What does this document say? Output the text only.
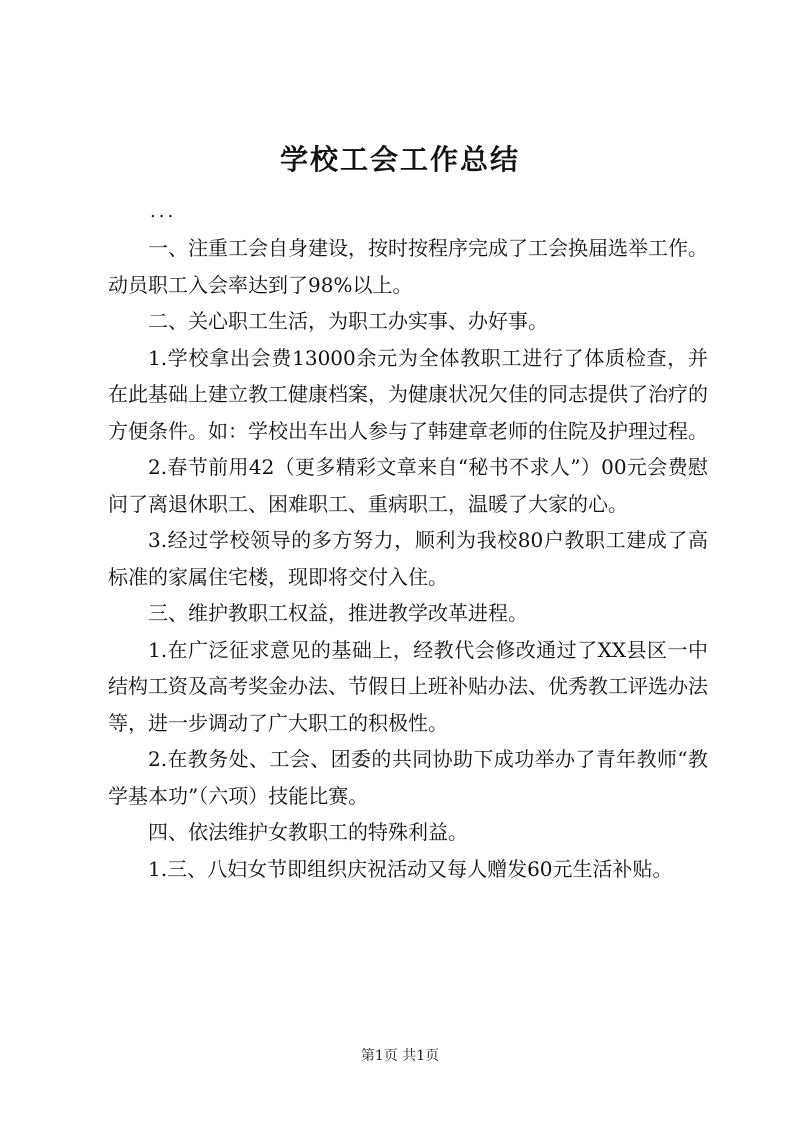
学校工会工作总结
...

一、注重工会自身建设，按时按程序完成了工会换届选举工作。动员职工入会率达到了98%以上。

二、关心职工生活，为职工办实事、办好事。

1.学校拿出会费13000余元为全体教职工进行了体质检查，并在此基础上建立教工健康档案，为健康状况欠佳的同志提供了治疗的方便条件。如：学校出车出人参与了韩建章老师的住院及护理过程。

2.春节前用42（更多精彩文章来自“秘书不求人”）00元会费慰问了离退休职工、困难职工、重病职工，温暖了大家的心。

3.经过学校领导的多方努力，顺利为我校80户教职工建成了高标准的家属住宅楼，现即将交付入住。

三、维护教职工权益，推进教学改革进程。

1.在广泛征求意见的基础上，经教代会修改通过了XX县区一中结构工资及高考奖金办法、节假日上班补贴办法、优秀教工评选办法等，进一步调动了广大职工的积极性。

2.在教务处、工会、团委的共同协助下成功举办了青年教师“教学基本功”（六项）技能比赛。

四、依法维护女教职工的特殊利益。

1.三、八妇女节即组织庆祝活动又每人赠发60元生活补贴。

第1页 共1页
